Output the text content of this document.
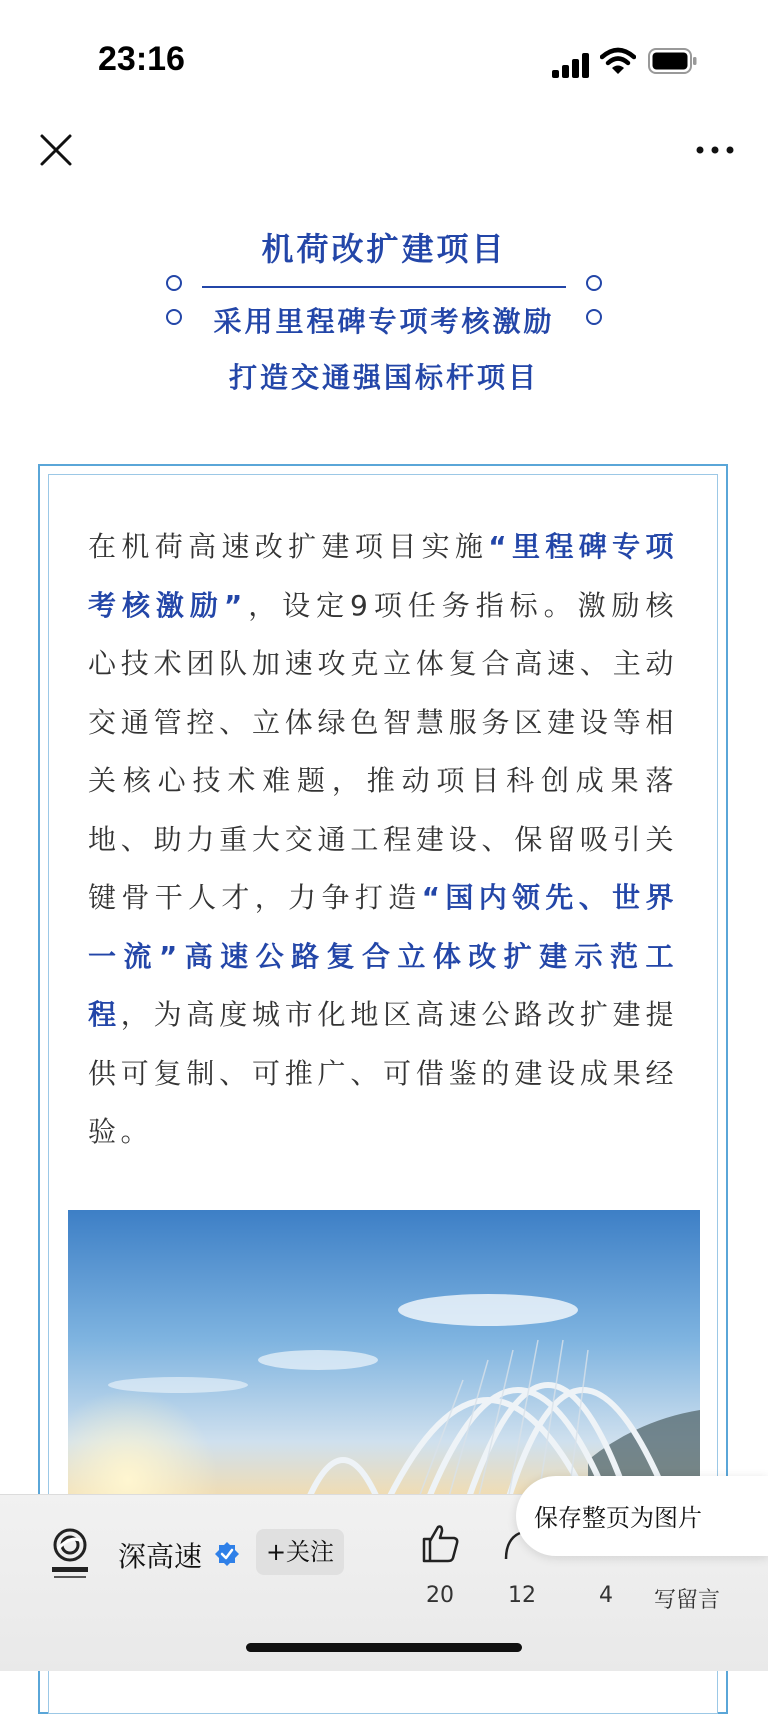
23:16
机荷改扩建项目
采用里程碑专项考核激励
打造交通强国标杆项目

在机荷高速改扩建项目实施“里程碑专项考核激励”，设定9项任务指标。激励核心技术团队加速攻克立体复合高速、主动交通管控、立体绿色智慧服务区建设等相关核心技术难题，推动项目科创成果落地、助力重大交通工程建设、保留吸引关键骨干人才，力争打造“国内领先、世界一流”高速公路复合立体改扩建示范工程，为高度城市化地区高速公路改扩建提供可复制、可推广、可借鉴的建设成果经验。

深高速	+关注
20	12	4	写留言
保存整页为图片
